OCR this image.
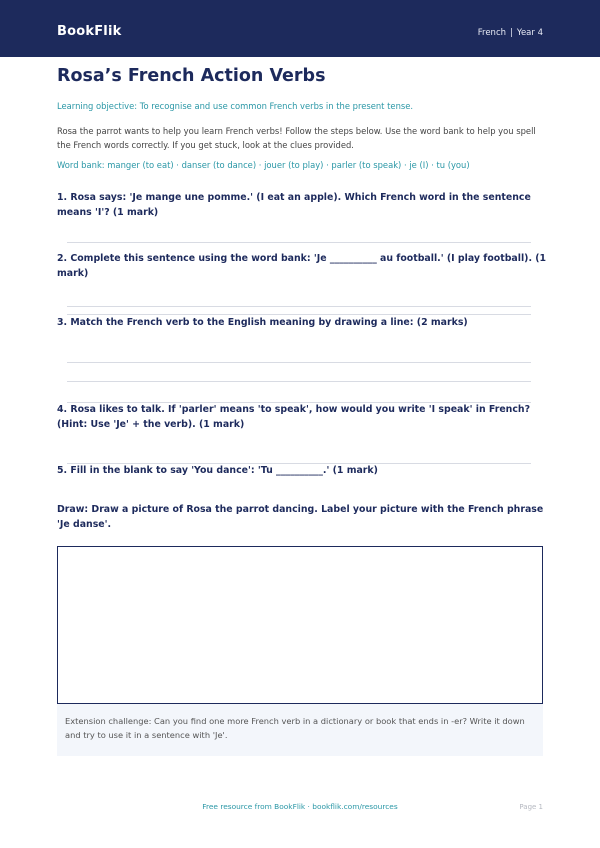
BookFlik	French | Year 4
Rosa’s French Action Verbs
Learning objective: To recognise and use common French verbs in the present tense.
Rosa the parrot wants to help you learn French verbs! Follow the steps below. Use the word bank to help you spell the French words correctly. If you get stuck, look at the clues provided.
Word bank: manger (to eat) · danser (to dance) · jouer (to play) · parler (to speak) · je (I) · tu (you)
1. Rosa says: 'Je mange une pomme.' (I eat an apple). Which French word in the sentence means 'I'? (1 mark)
2. Complete this sentence using the word bank: 'Je __________ au football.' (I play football). (1 mark)
3. Match the French verb to the English meaning by drawing a line: (2 marks)
4. Rosa likes to talk. If 'parler' means 'to speak', how would you write 'I speak' in French? (Hint: Use 'Je' + the verb). (1 mark)
5. Fill in the blank to say 'You dance': 'Tu __________.' (1 mark)
Draw: Draw a picture of Rosa the parrot dancing. Label your picture with the French phrase 'Je danse'.
Extension challenge: Can you find one more French verb in a dictionary or book that ends in -er? Write it down and try to use it in a sentence with 'Je'.
Free resource from BookFlik · bookflik.com/resources	Page 1
